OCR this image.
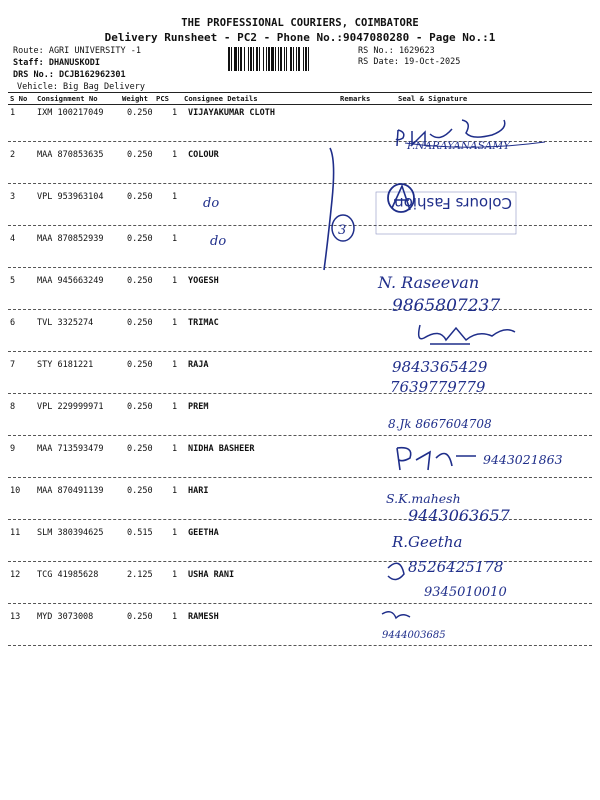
THE PROFESSIONAL COURIERS, COIMBATORE
Delivery Runsheet - PC2 - Phone No.:9047080280 - Page No.:1
Route: AGRI UNIVERSITY -1
Staff: DHANUSKODI
DRS No.: DCJB162962301
Vehicle: Big Bag Delivery
RS No.: 1629623
RS Date: 19-Oct-2025
S No Consignment No	Weight PCS Consignee Details	Remarks	Seal & Signature
1	IXM 100217049	0.250 1 VIJAYAKUMAR CLOTH
2	MAA 870853635	0.250 1 COLOUR
3	VPL 953963104	0.250 1
4	MAA 870852939	0.250 1
5	MAA 945663249	0.250 1 YOGESH
6	TVL 3325274	0.250 1 TRIMAC
7	STY 6181221	0.250 1 RAJA
8	VPL 229999971	0.250 1 PREM
9	MAA 713593479	0.250 1 NIDHA BASHEER
10 MAA 870491139	0.250 1 HARI
11 SLM 380394625	0.515 1 GEETHA
12 TCG 41985628	2.125 1 USHA RANI
13 MYD 3073008	0.250 1 RAMESH
P.NARAYANASAMY
Colours Fashion
3
do
do
N. Raseevan
9865807237
9843365429
7639779779
8.Jk 8667604708
9443021863
S.K.mahesh
9443063657
R.Geetha
8526425178
9345010010
9444003685
